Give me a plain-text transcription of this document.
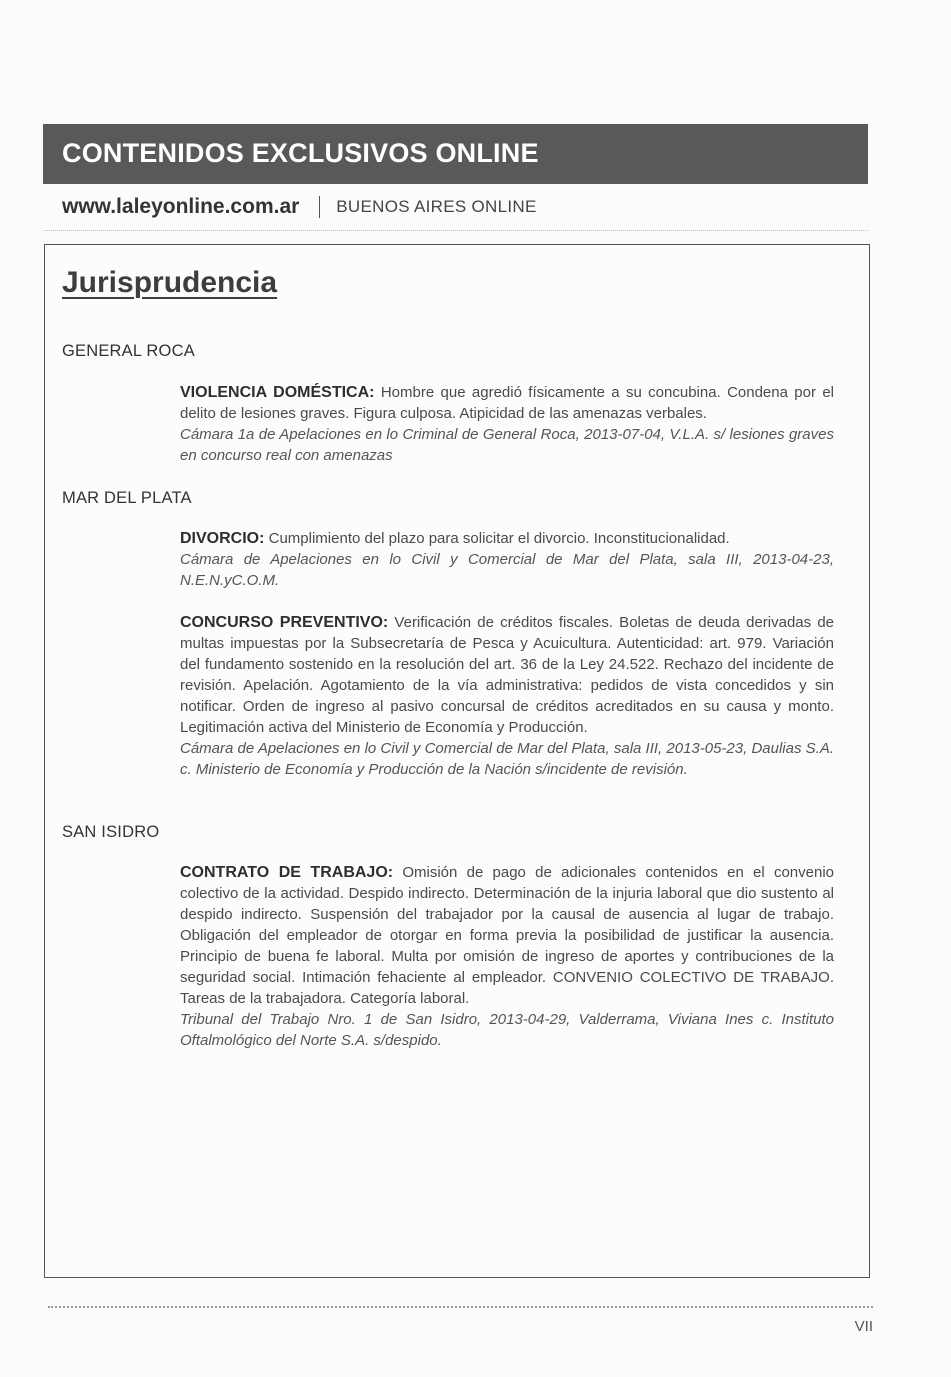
CONTENIDOS EXCLUSIVOS ONLINE
www.laleyonline.com.ar BUENOS AIRES ONLINE
Jurisprudencia
GENERAL ROCA
VIOLENCIA DOMÉSTICA: Hombre que agredió físicamente a su concubina. Condena por el delito de lesiones graves. Figura culposa. Atipicidad de las amenazas verbales.
Cámara 1a de Apelaciones en lo Criminal de General Roca, 2013-07-04, V.L.A. s/ lesiones graves en concurso real con amenazas
MAR DEL PLATA
DIVORCIO: Cumplimiento del plazo para solicitar el divorcio. Inconstitucionalidad.
Cámara de Apelaciones en lo Civil y Comercial de Mar del Plata, sala III, 2013-04-23, N.E.N.yC.O.M.
CONCURSO PREVENTIVO: Verificación de créditos fiscales. Boletas de deuda derivadas de multas impuestas por la Subsecretaría de Pesca y Acuicultura. Autenticidad: art. 979. Variación del fundamento sostenido en la resolución del art. 36 de la Ley 24.522. Rechazo del incidente de revisión. Apelación. Agotamiento de la vía administrativa: pedidos de vista concedidos y sin notificar. Orden de ingreso al pasivo concursal de créditos acreditados en su causa y monto. Legitimación activa del Ministerio de Economía y Producción.
Cámara de Apelaciones en lo Civil y Comercial de Mar del Plata, sala III, 2013-05-23, Daulias S.A. c. Ministerio de Economía y Producción de la Nación s/incidente de revisión.
SAN ISIDRO
CONTRATO DE TRABAJO: Omisión de pago de adicionales contenidos en el convenio colectivo de la actividad. Despido indirecto. Determinación de la injuria laboral que dio sustento al despido indirecto. Suspensión del trabajador por la causal de ausencia al lugar de trabajo. Obligación del empleador de otorgar en forma previa la posibilidad de justificar la ausencia. Principio de buena fe laboral. Multa por omisión de ingreso de aportes y contribuciones de la seguridad social. Intimación fehaciente al empleador. CONVENIO COLECTIVO DE TRABAJO. Tareas de la trabajadora. Categoría laboral.
Tribunal del Trabajo Nro. 1 de San Isidro, 2013-04-29, Valderrama, Viviana Ines c. Instituto Oftalmológico del Norte S.A. s/despido.
VII
